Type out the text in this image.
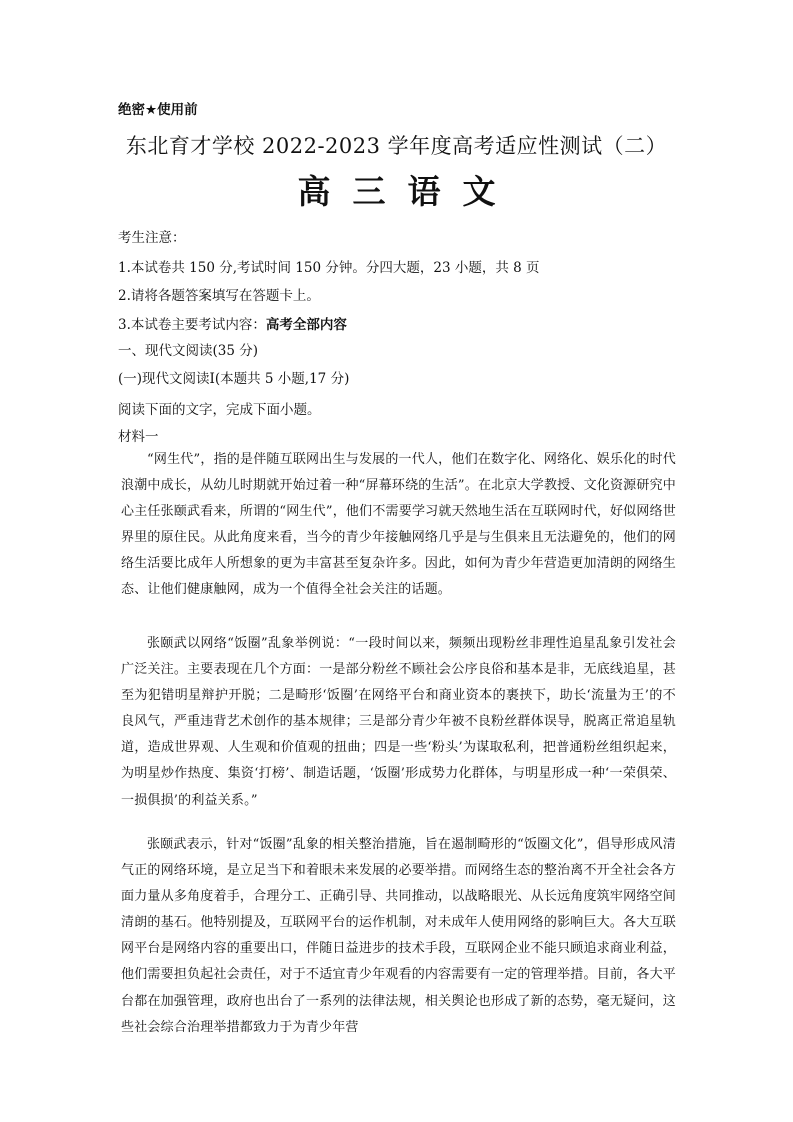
绝密★使用前
东北育才学校 2022-2023 学年度高考适应性测试（二）
高三语文
考生注意：
1.本试卷共 150 分,考试时间 150 分钟。分四大题，23 小题，共 8 页
2.请将各题答案填写在答题卡上。
3.本试卷主要考试内容：高考全部内容
一、现代文阅读(35 分)
(一)现代文阅读Ⅰ(本题共 5 小题,17 分)
阅读下面的文字，完成下面小题。
材料一
“网生代”，指的是伴随互联网出生与发展的一代人，他们在数字化、网络化、娱乐化的时代浪潮中成长，从幼儿时期就开始过着一种“屏幕环绕的生活”。在北京大学教授、文化资源研究中心主任张颐武看来，所谓的“网生代”，他们不需要学习就天然地生活在互联网时代，好似网络世界里的原住民。从此角度来看，当今的青少年接触网络几乎是与生俱来且无法避免的，他们的网络生活要比成年人所想象的更为丰富甚至复杂许多。因此，如何为青少年营造更加清朗的网络生态、让他们健康触网，成为一个值得全社会关注的话题。
张颐武以网络“饭圈”乱象举例说：“一段时间以来，频频出现粉丝非理性追星乱象引发社会广泛关注。主要表现在几个方面：一是部分粉丝不顾社会公序良俗和基本是非，无底线追星，甚至为犯错明星辩护开脱；二是畸形‘饭圈’在网络平台和商业资本的裹挟下，助长‘流量为王’的不良风气，严重违背艺术创作的基本规律；三是部分青少年被不良粉丝群体误导，脱离正常追星轨道，造成世界观、人生观和价值观的扭曲；四是一些‘粉头’为谋取私利，把普通粉丝组织起来，为明星炒作热度、集资‘打榜’、制造话题，‘饭圈’形成势力化群体，与明星形成一种‘一荣俱荣、一损俱损’的利益关系。”
张颐武表示，针对“饭圈”乱象的相关整治措施，旨在遏制畸形的“饭圈文化”，倡导形成风清气正的网络环境，是立足当下和着眼未来发展的必要举措。而网络生态的整治离不开全社会各方面力量从多角度着手，合理分工、正确引导、共同推动，以战略眼光、从长远角度筑牢网络空间清朗的基石。他特别提及，互联网平台的运作机制，对未成年人使用网络的影响巨大。各大互联网平台是网络内容的重要出口，伴随日益进步的技术手段，互联网企业不能只顾追求商业利益，他们需要担负起社会责任，对于不适宜青少年观看的内容需要有一定的管理举措。目前，各大平台都在加强管理，政府也出台了一系列的法律法规，相关舆论也形成了新的态势，毫无疑问，这些社会综合治理举措都致力于为青少年营
